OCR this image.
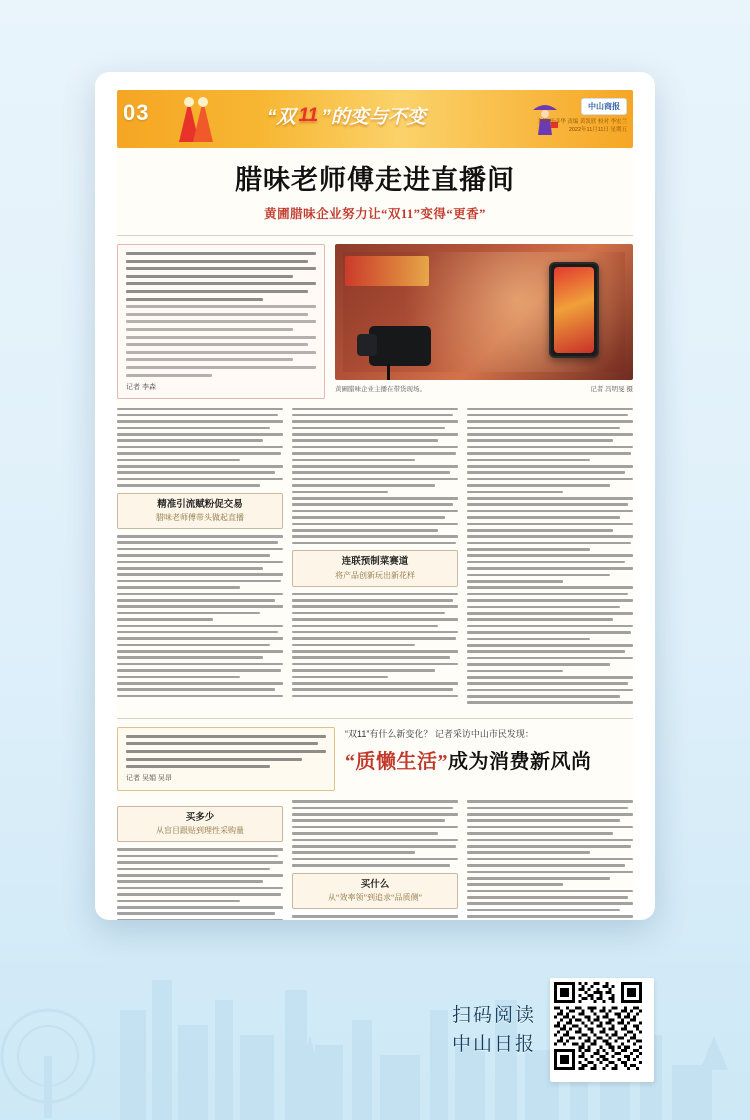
03	“双 11 ”的变与不变
中山商报
主编 杨彦华 责编 黄凯欣 校对 李宏兰
2022年11月11日 星期五
腊味老师傅走进直播间
黄圃腊味企业努力让“双11”变得“更香”
记者 李森	黄圃腊味企业主播在带货现场。	记者 冯明旻 摄
精准引流赋粉促交易
腊味老师傅带头做起直播
连联预制菜赛道
将产品创新玩出新花样
记者 吴娟 吴昂
“双11”有什么新变化？ 记者采访中山市民发现：
“质懒生活”成为消费新风尚
买多少
从盲目跟贴到理性采购量
买什么
从“效率领”到追求“品质侧”
扫码阅读
中山日报
